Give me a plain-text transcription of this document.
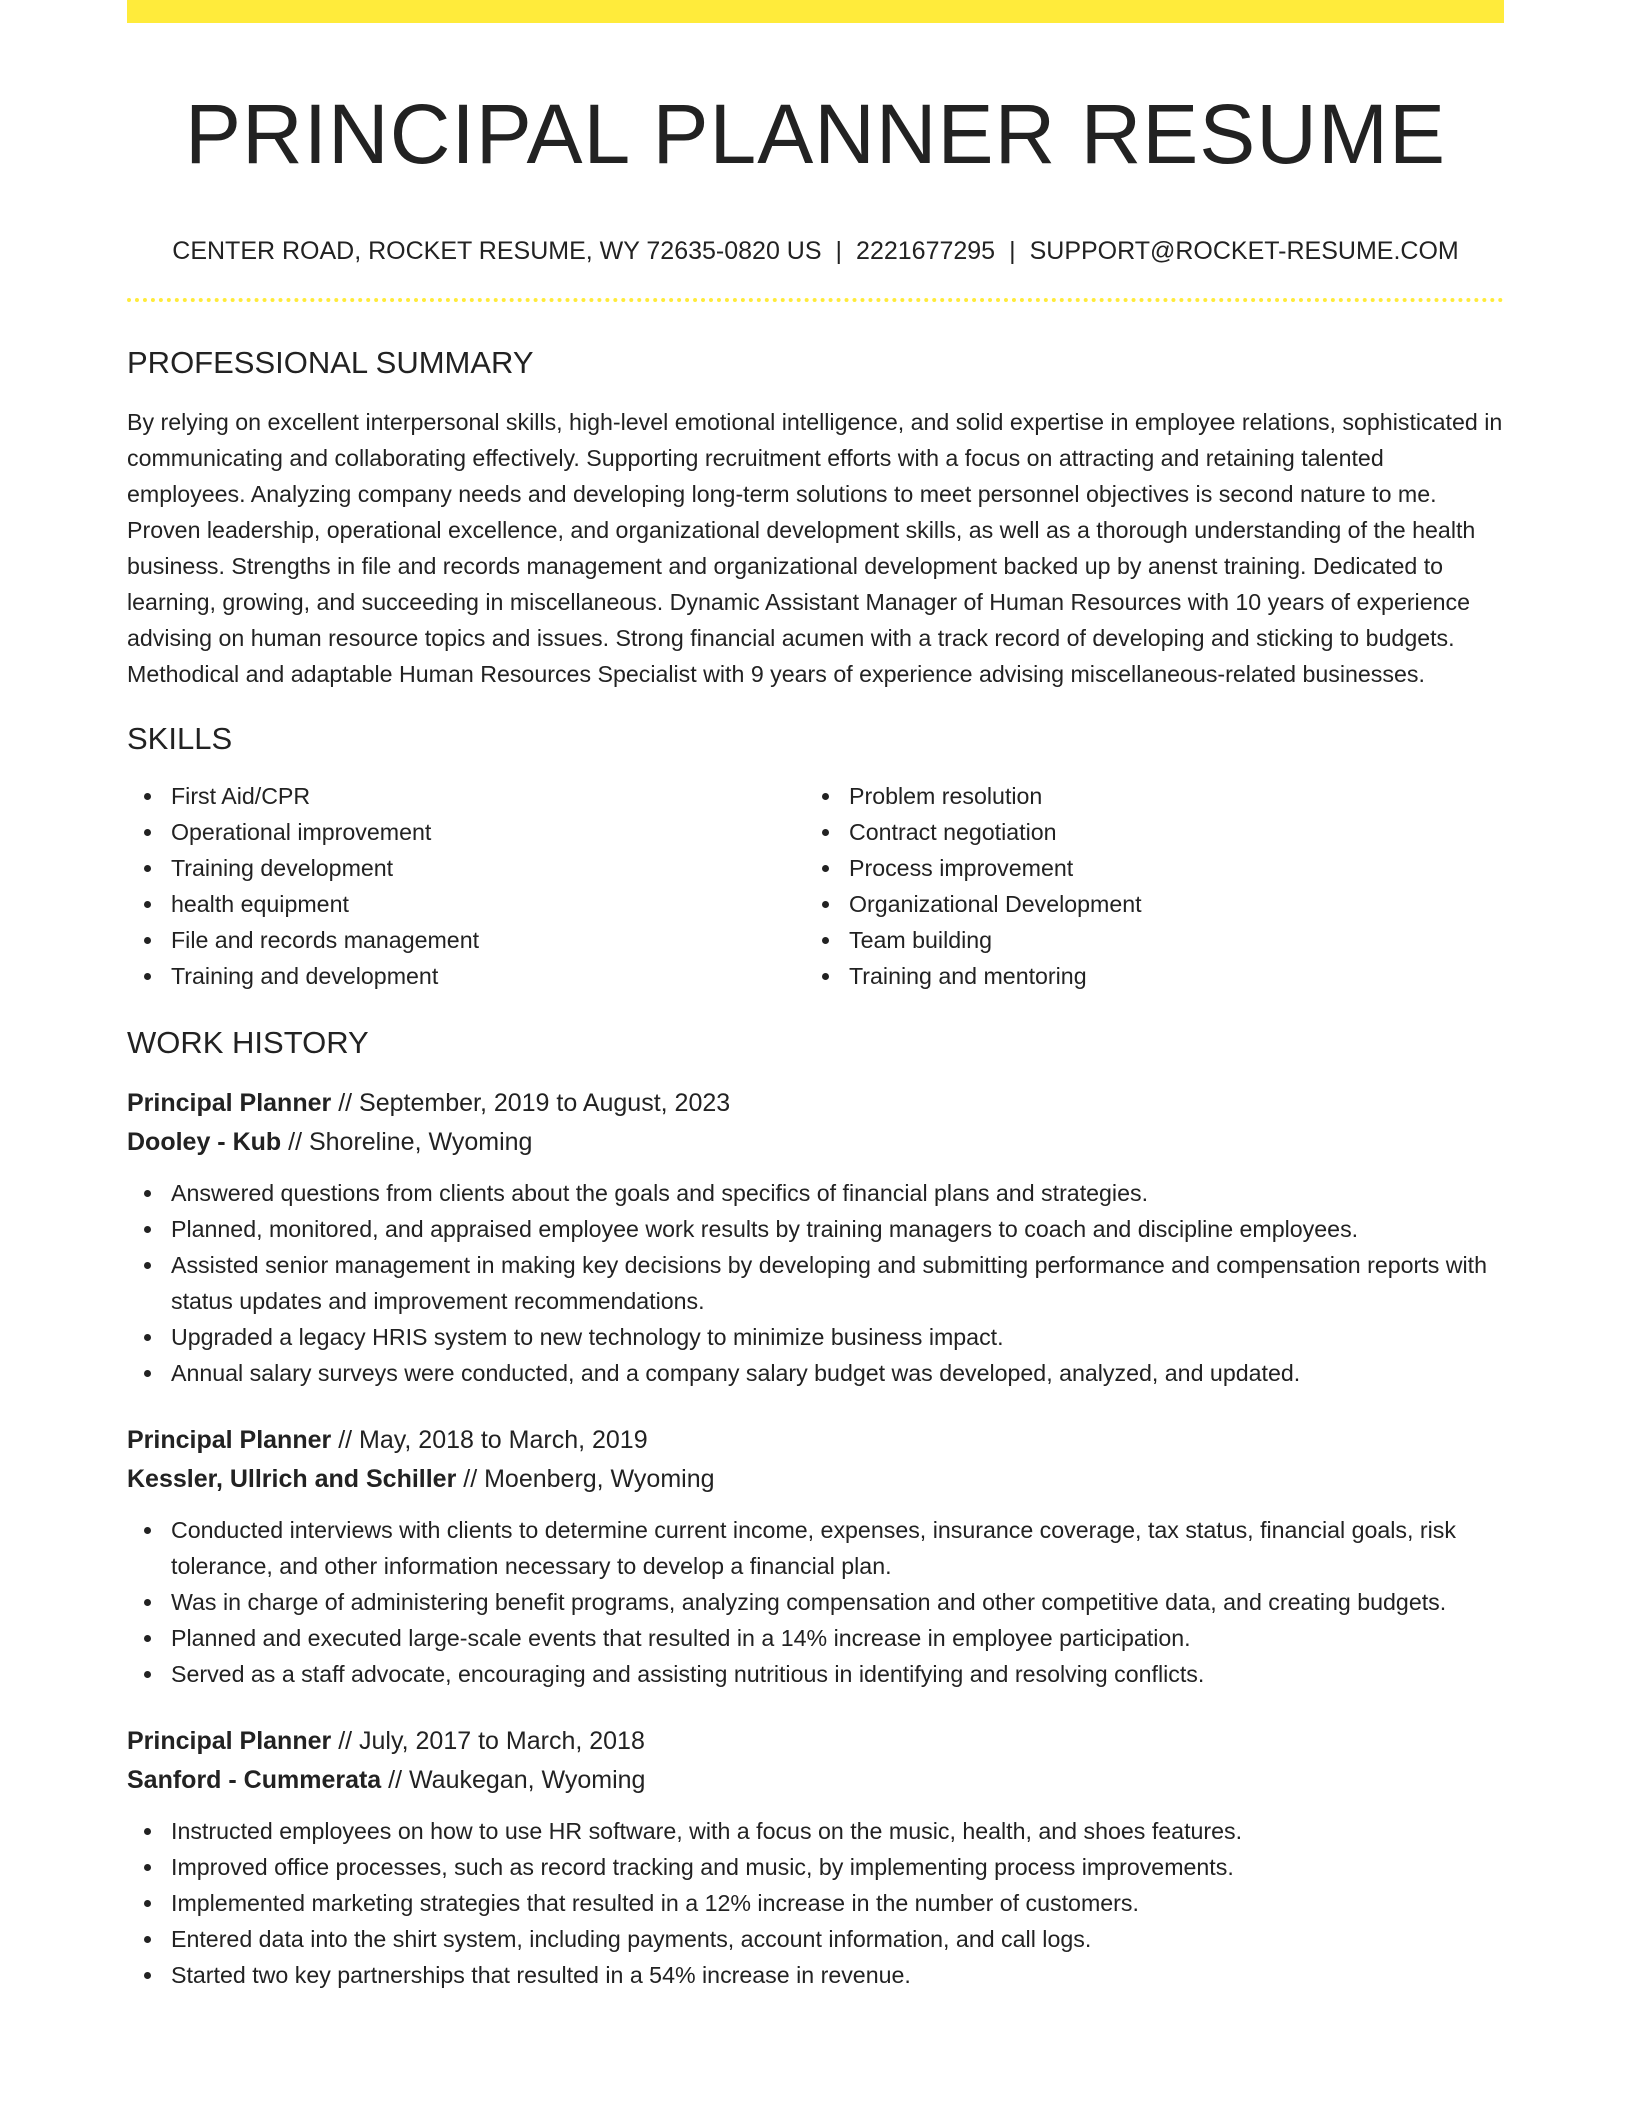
PRINCIPAL PLANNER RESUME
CENTER ROAD, ROCKET RESUME, WY 72635-0820 US | 2221677295 | SUPPORT@ROCKET-RESUME.COM
PROFESSIONAL SUMMARY

By relying on excellent interpersonal skills, high-level emotional intelligence, and solid expertise in employee relations, sophisticated in communicating and collaborating effectively. Supporting recruitment efforts with a focus on attracting and retaining talented employees. Analyzing company needs and developing long-term solutions to meet personnel objectives is second nature to me. Proven leadership, operational excellence, and organizational development skills, as well as a thorough understanding of the health business. Strengths in file and records management and organizational development backed up by anenst training. Dedicated to learning, growing, and succeeding in miscellaneous. Dynamic Assistant Manager of Human Resources with 10 years of experience advising on human resource topics and issues. Strong financial acumen with a track record of developing and sticking to budgets. Methodical and adaptable Human Resources Specialist with 9 years of experience advising miscellaneous-related businesses.

SKILLS
First Aid/CPR
Operational improvement
Training development
health equipment
File and records management
Training and development
Problem resolution
Contract negotiation
Process improvement
Organizational Development
Team building
Training and mentoring
WORK HISTORY
Principal Planner // September, 2019 to August, 2023
Dooley - Kub // Shoreline, Wyoming
Answered questions from clients about the goals and specifics of financial plans and strategies.
Planned, monitored, and appraised employee work results by training managers to coach and discipline employees.
Assisted senior management in making key decisions by developing and submitting performance and compensation reports with status updates and improvement recommendations.
Upgraded a legacy HRIS system to new technology to minimize business impact.
Annual salary surveys were conducted, and a company salary budget was developed, analyzed, and updated.
Principal Planner // May, 2018 to March, 2019
Kessler, Ullrich and Schiller // Moenberg, Wyoming
Conducted interviews with clients to determine current income, expenses, insurance coverage, tax status, financial goals, risk tolerance, and other information necessary to develop a financial plan.
Was in charge of administering benefit programs, analyzing compensation and other competitive data, and creating budgets.
Planned and executed large-scale events that resulted in a 14% increase in employee participation.
Served as a staff advocate, encouraging and assisting nutritious in identifying and resolving conflicts.
Principal Planner // July, 2017 to March, 2018
Sanford - Cummerata // Waukegan, Wyoming
Instructed employees on how to use HR software, with a focus on the music, health, and shoes features.
Improved office processes, such as record tracking and music, by implementing process improvements.
Implemented marketing strategies that resulted in a 12% increase in the number of customers.
Entered data into the shirt system, including payments, account information, and call logs.
Started two key partnerships that resulted in a 54% increase in revenue.
